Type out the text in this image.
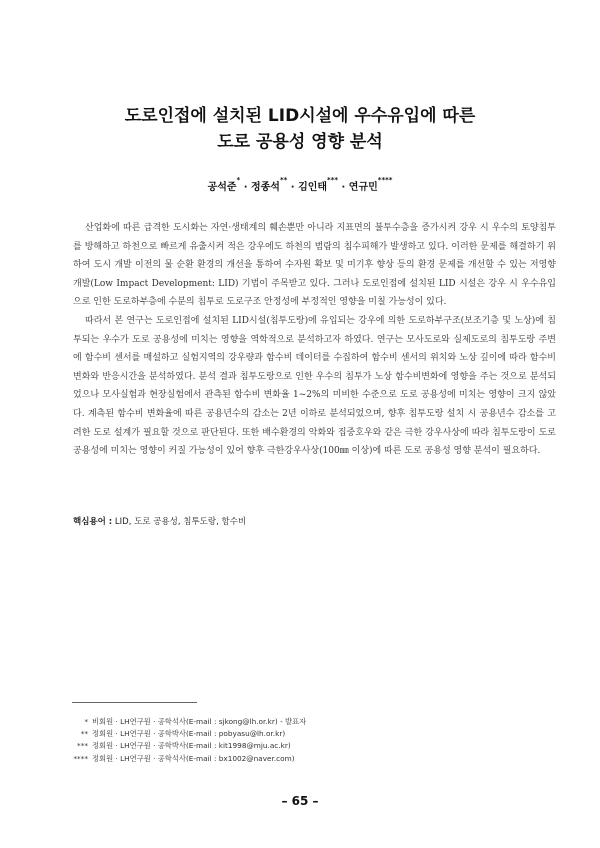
도로인접에 설치된 LID시설에 우수유입에 따른
도로 공용성 영향 분석
공석준* · 정종석** · 김인태*** · 연규민****

산업화에 따른 급격한 도시화는 자연·생태계의 훼손뿐만 아니라 지표면의 불투수층을 증가시켜 강우 시 우수의 토양침투를 방해하고 하천으로 빠르게 유출시켜 적은 강우에도 하천의 범람의 침수피해가 발생하고 있다. 이러한 문제를 해결하기 위하여 도시 개발 이전의 물 순환 환경의 개선을 통하여 수자원 확보 및 미기후 향상 등의 환경 문제를 개선할 수 있는 저영향개발(Low Impact Development: LID) 기법이 주목받고 있다. 그러나 도로인접에 설치된 LID 시설은 강우 시 우수유입으로 인한 도로하부층에 수분의 침투로 도로구조 안정성에 부정적인 영향을 미칠 가능성이 있다.

따라서 본 연구는 도로인접에 설치된 LID시설(침투도랑)에 유입되는 강우에 의한 도로하부구조(보조기층 및 노상)에 침투되는 우수가 도로 공용성에 미치는 영향을 역학적으로 분석하고자 하였다. 연구는 모사도로와 실제도로의 침투도랑 주변에 함수비 센서를 매설하고 실험지역의 강우량과 함수비 데이터를 수집하여 함수비 센서의 위치와 노상 깊이에 따라 함수비 변화와 반응시간을 분석하였다. 분석 결과 침투도랑으로 인한 우수의 침투가 노상 함수비변화에 영향을 주는 것으로 분석되었으나 모사실험과 현장실험에서 관측된 함수비 변화율 1~2%의 미비한 수준으로 도로 공용성에 미치는 영향이 크지 않았다. 계측된 함수비 변화율에 따른 공용년수의 감소는 2년 이하로 분석되었으며, 향후 침투도랑 설치 시 공용년수 감소를 고려한 도로 설계가 필요할 것으로 판단된다. 또한 배수환경의 악화와 집중호우와 같은 극한 강우사상에 따라 침투도랑이 도로 공용성에 미치는 영향이 커질 가능성이 있어 향후 극한강우사상(100㎜ 이상)에 따른 도로 공용성 영향 분석이 필요하다.

핵심용어 : LID, 도로 공용성, 침투도랑, 함수비
* 비회원 · LH연구원 · 공학석사(E-mail : sjkong@lh.or.kr) - 발표자
** 정회원 · LH연구원 · 공학박사(E-mail : pobyasu@lh.or.kr)
*** 정회원 · LH연구원 · 공학박사(E-mail : kit1998@mju.ac.kr)
**** 정회원 · LH연구원 · 공학석사(E-mail : bx1002@naver.com)
– 65 –
